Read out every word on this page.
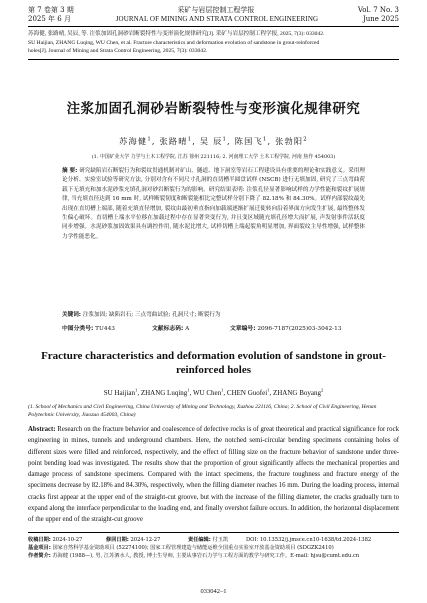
第 7 卷第 3 期	采矿与岩层控制工程学报	Vol. 7 No. 3
2025 年 6 月	JOURNAL OF MINING AND STRATA CONTROL ENGINEERING	June 2025
苏海健, 张路晴, 吴辰, 等. 注浆加固孔洞砂岩断裂特性与变形演化规律研究[J]. 采矿与岩层控制工程学报, 2025, 7(3): 033042.
SU Haijian, ZHANG Luqing, WU Chen, et al. Fracture characteristics and deformation evolution of sandstone in grout-reinforced
holes[J]. Journal of Mining and Strata Control Engineering, 2025, 7(3): 033042.
注浆加固孔洞砂岩断裂特性与变形演化规律研究
苏海健$^1$, 张路晴$^1$, 吴 辰$^1$, 陈国飞$^1$, 张勃阳$^2$
(1. 中国矿业大学 力学与土木工程学院, 江苏 徐州 221116; 2. 河南理工大学 土木工程学院, 河南 焦作 454003)
摘 要: 研究缺陷岩石断裂行为和裂纹贯通机制对矿山、隧道、地下洞室等岩石工程建设具有重要的理论和实践意义。采用理论分析、实验室试验等研究方法, 分别对含有不同尺寸孔洞的直切槽半圆盘试样 (NSCB) 进行无填加固, 研究了三点弯曲荷载下无填充和加水泥砂浆充填孔洞对砂岩断裂行为的影响。研究结果表明: 注浆孔径显著影响试样的力学性能和裂纹扩展规律, 当充填直径达到 16 mm 时, 试样断裂韧度和断裂能相比完整试样分别下降了 82.18% 和 84.30%。试样内部裂纹最先出现在直切槽上端部, 随着充填直径增加, 裂纹由最初垂直指向加载端逐渐扩展迁徙转向沿着界面方向发生扩展, 最终整体发生偏心破坏。直切槽上端水平位移在加载过程中存在显著突变行为, 并且变区域随充填孔径增大而扩展, 声发射事件活跃度同步增强。水泥砂浆加固效果具有调控作用, 随水泥比增大, 试样切槽上端起裂角明显增加, 界面裂纹主导性增强, 试样整体力学性能恶化。
关键词: 注浆加固; 缺陷岩石; 三点弯曲试验; 孔洞尺寸; 断裂行为
中图分类号: TU443	文献标志码: A	文章编号: 2096-7187(2025)03-3042-13
Fracture characteristics and deformation evolution of sandstone in grout-reinforced holes
SU Haijian$^1$, ZHANG Luqing$^1$, WU Chen$^1$, CHEN Guofei$^1$, ZHANG Boyang$^2$
(1. School of Mechanics and Civil Engineering, China University of Mining and Technology, Xuzhou 221116, China; 2. School of Civil Engineering, Henan Polytechnic University, Jiaozuo 454003, China)
Abstract: Research on the fracture behavior and coalescence of defective rocks is of great theoretical and practical significance for rock engineering in mines, tunnels and underground chambers. Here, the notched semi-circular bending specimens containing holes of different sizes were filled and reinforced, respectively, and the effect of filling size on the fracture behavior of sandstone under three-point bending load was investigated. The results show that the proportion of grout significantly affects the mechanical properties and damage process of sandstone specimens. Compared with the intact specimens, the fracture toughness and fracture energy of the specimens decrease by 82.18% and 84.30%, respectively, when the filling diameter reaches 16 mm. During the loading process, internal cracks first appear at the upper end of the straight-cut groove, but with the increase of the filling diameter, the cracks gradually turn to expand along the interface perpendicular to the loading end, and finally overshot failure occurs. In addition, the horizontal displacement of the upper end of the straight-cut groove
收稿日期: 2024-10-27	修回日期: 2024-12-27	责任编辑: 付玉凯	DOI: 10.13532/j.jmsce.cn10-1638/td.2024-1382
基金项目: 国家自然科学基金资助项目 (52274100); 国家工程管理建造与储能运维全国重点实验室开放基金资助项目 (SDGZK2410)
作者简介: 苏海健 (1988—), 男, 江苏泗水人, 教授, 博士生导师, 主要从事岩石力学与工程方面的教学与研究工作。E-mail: hjsu@cumt.edu.cn
033042–1
